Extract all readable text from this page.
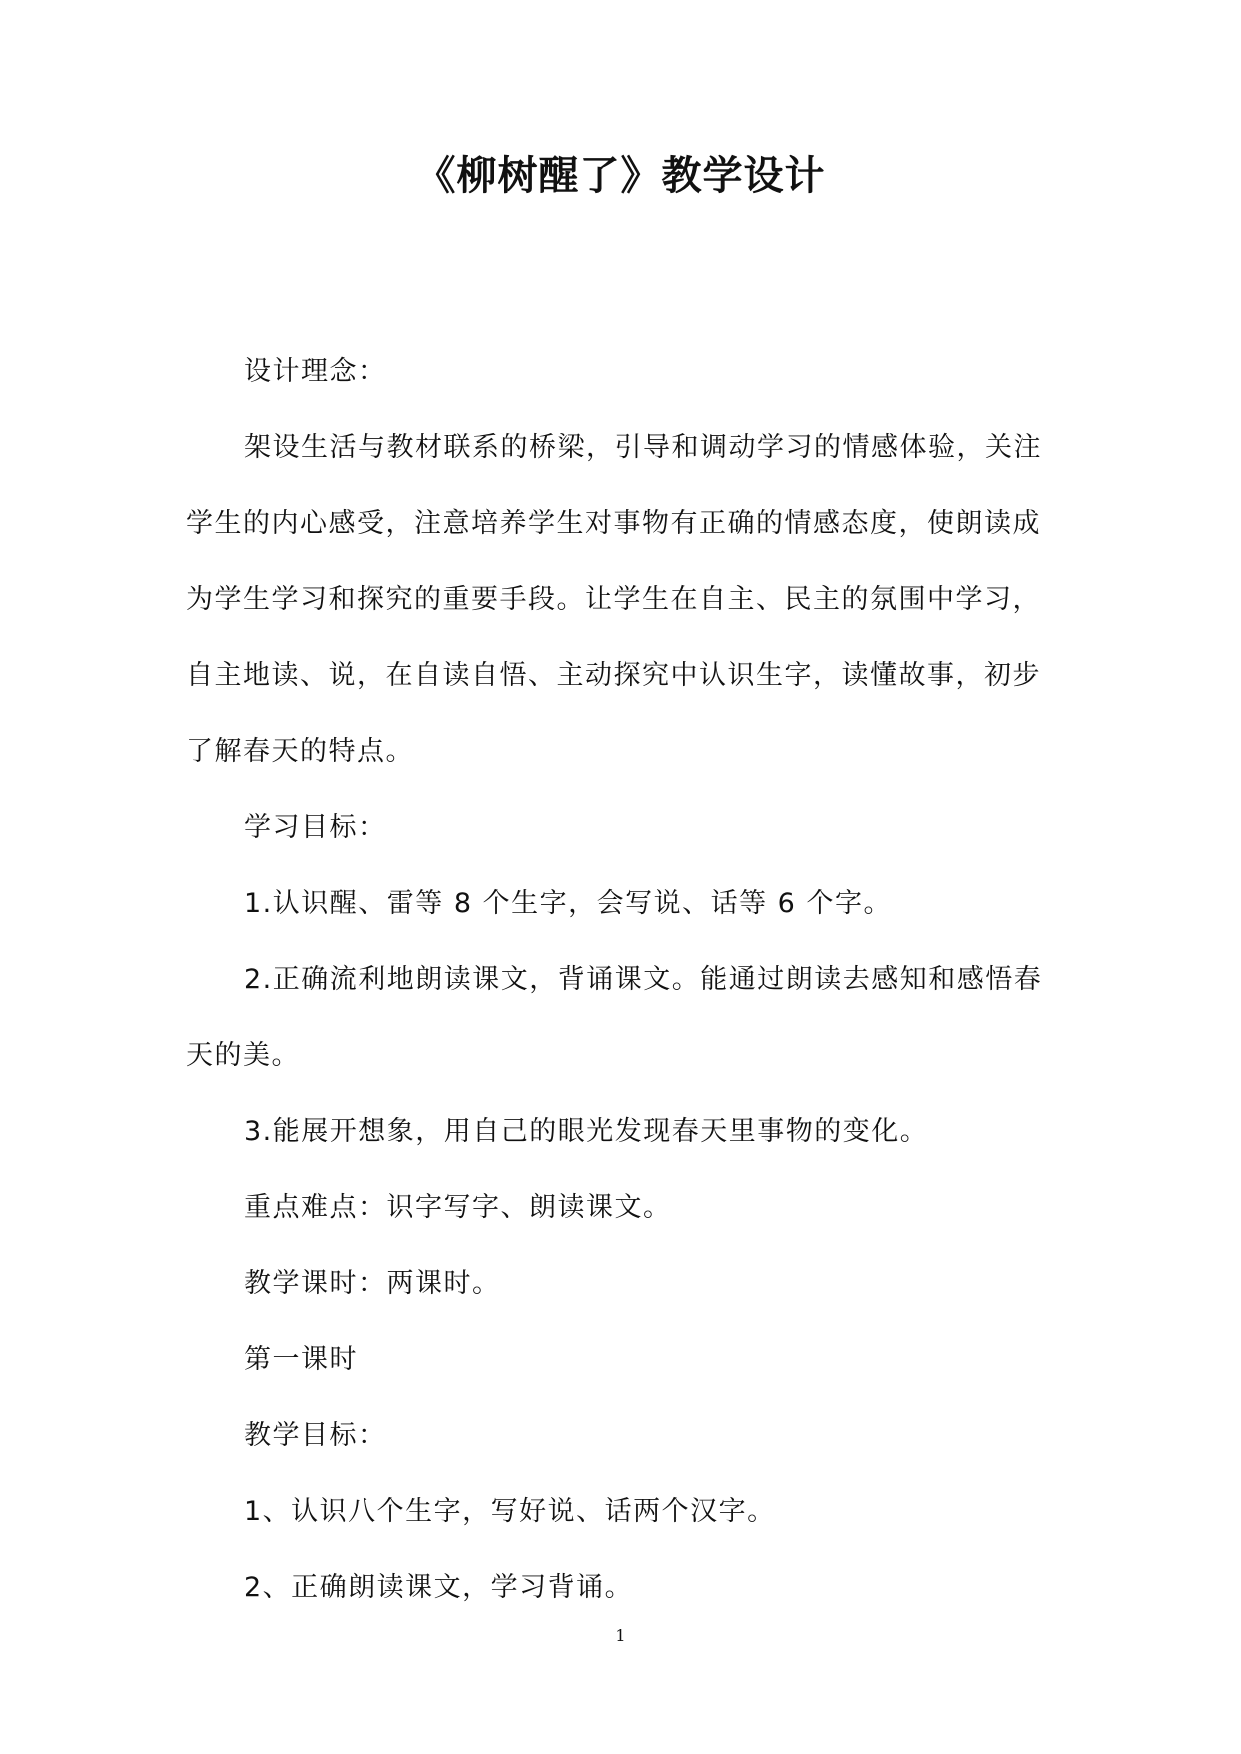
《柳树醒了》教学设计

设计理念：

架设生活与教材联系的桥梁，引导和调动学习的情感体验，关注学生的内心感受，注意培养学生对事物有正确的情感态度，使朗读成为学生学习和探究的重要手段。让学生在自主、民主的氛围中学习，自主地读、说，在自读自悟、主动探究中认识生字，读懂故事，初步了解春天的特点。

学习目标：

1.认识醒、雷等 8 个生字，会写说、话等 6 个字。

2.正确流利地朗读课文，背诵课文。能通过朗读去感知和感悟春天的美。

3.能展开想象，用自己的眼光发现春天里事物的变化。

重点难点：识字写字、朗读课文。

教学课时：两课时。

第一课时

教学目标：

1、认识八个生字，写好说、话两个汉字。

2、正确朗读课文，学习背诵。

1
